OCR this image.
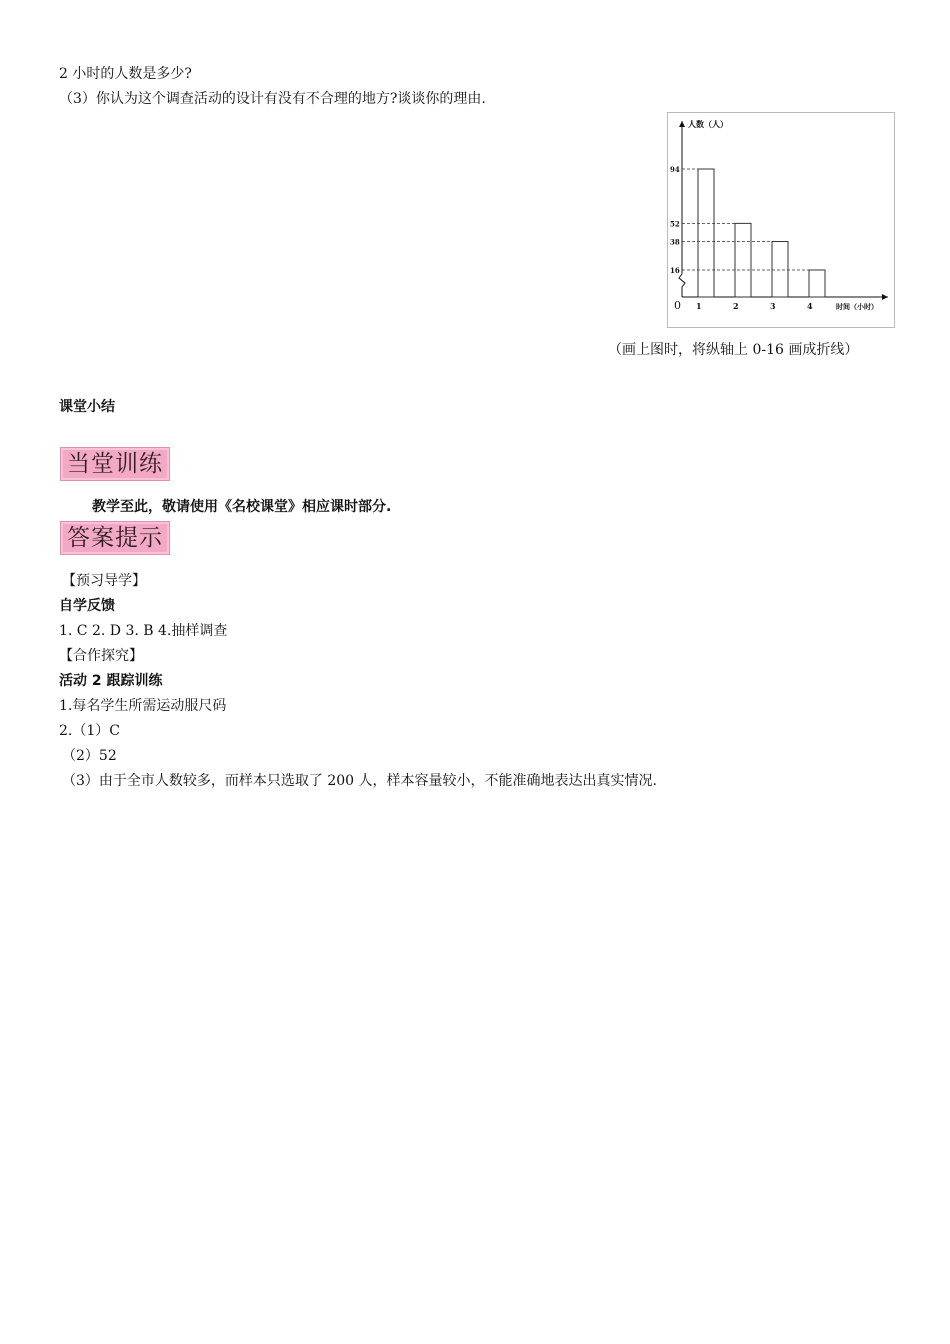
2 小时的人数是多少?
（3）你认为这个调查活动的设计有没有不合理的地方?谈谈你的理由.
人数（人）
时间（小时）
0
94
1
52
2
38
3
16
4
（画上图时，将纵轴上 0-16 画成折线）
课堂小结
当堂训练
教学至此，敬请使用《名校课堂》相应课时部分.
答案提示
【预习导学】
自学反馈
1. C 2. D 3. B 4.抽样调查
【合作探究】
活动 2 跟踪训练
1.每名学生所需运动服尺码
2.（1）C
（2）52
（3）由于全市人数较多，而样本只选取了 200 人，样本容量较小，不能准确地表达出真实情况.
